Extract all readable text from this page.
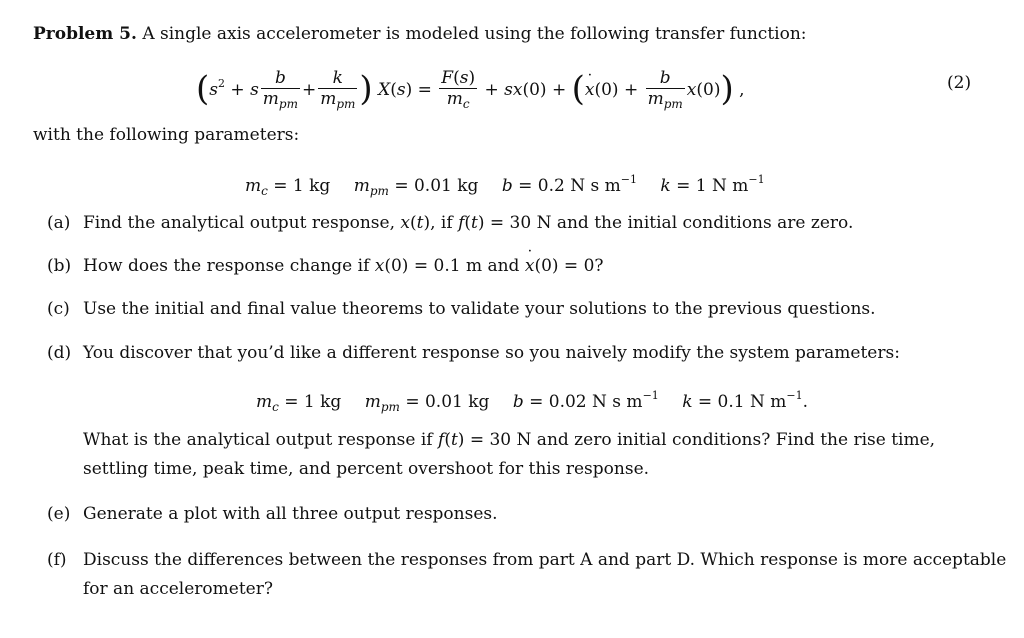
Problem 5. A single axis accelerometer is modeled using the following transfer function:
($s^2 + s \frac{b}{m_{pm}} + \frac{k}{m_{pm}}$ ) $X(s) = \frac{F(s)}{m_c} + sx(0) + (x$ ˙(0) + $\frac{b}{m_{pm}} x(0)$) ,	(2)
with the following parameters:
$m_c = 1$ kg $m_{pm} = 0.01$ kg b = 0.2 N s $m^{-1}$ k = 1 N $m^{-1}$
(a) Find the analytical output response, x(t), if f(t) = 30 N and the initial conditions are zero.
(b) How does the response change if x(0) = 0.1 m and x ˙(0) = 0?
(c) Use the initial and final value theorems to validate your solutions to the previous questions.
(d) You discover that you’d like a different response so you naively modify the system parameters:
$m_c = 1$ kg $m_{pm} = 0.01$ kg b = 0.02 N s $m^{-1}$ k = 0.1 N $m^{-1}$.
What is the analytical output response if f(t) = 30 N and zero initial conditions? Find the rise time,
settling time, peak time, and percent overshoot for this response.
(e) Generate a plot with all three output responses.
(f) Discuss the differences between the responses from part A and part D. Which response is more acceptable
for an accelerometer?
